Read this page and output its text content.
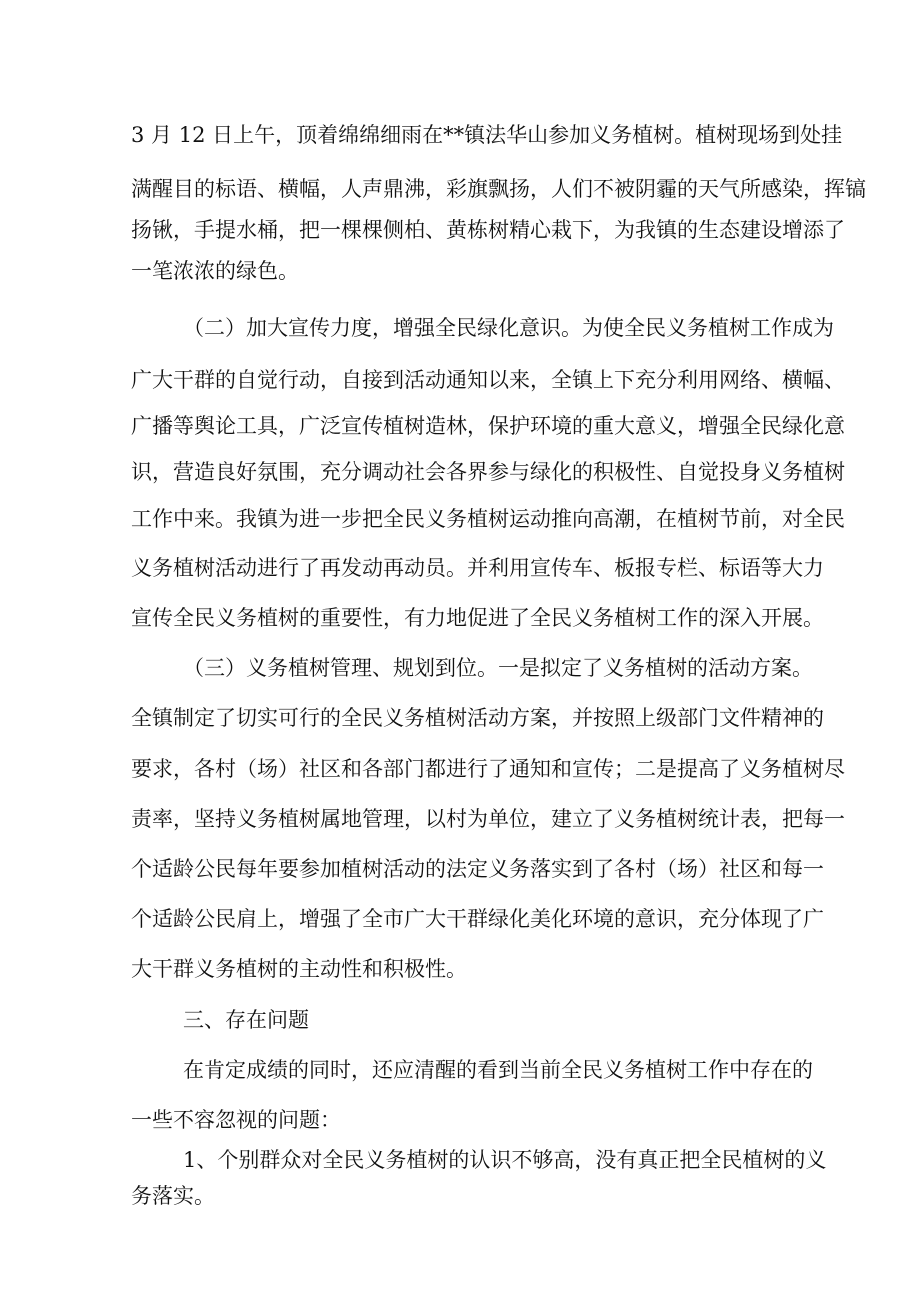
3 月 12 日上午，顶着绵绵细雨在**镇法华山参加义务植树。植树现场到处挂
满醒目的标语、横幅，人声鼎沸，彩旗飘扬，人们不被阴霾的天气所感染，挥镐
扬锹，手提水桶，把一棵棵侧柏、黄栋树精心栽下，为我镇的生态建设增添了
一笔浓浓的绿色。
（二）加大宣传力度，增强全民绿化意识。为使全民义务植树工作成为
广大干群的自觉行动，自接到活动通知以来，全镇上下充分利用网络、横幅、
广播等舆论工具，广泛宣传植树造林，保护环境的重大意义，增强全民绿化意
识，营造良好氛围，充分调动社会各界参与绿化的积极性、自觉投身义务植树
工作中来。我镇为进一步把全民义务植树运动推向高潮，在植树节前，对全民
义务植树活动进行了再发动再动员。并利用宣传车、板报专栏、标语等大力
宣传全民义务植树的重要性，有力地促进了全民义务植树工作的深入开展。
（三）义务植树管理、规划到位。一是拟定了义务植树的活动方案。
全镇制定了切实可行的全民义务植树活动方案，并按照上级部门文件精神的
要求，各村（场）社区和各部门都进行了通知和宣传；二是提高了义务植树尽
责率，坚持义务植树属地管理，以村为单位，建立了义务植树统计表，把每一
个适龄公民每年要参加植树活动的法定义务落实到了各村（场）社区和每一
个适龄公民肩上，增强了全市广大干群绿化美化环境的意识，充分体现了广
大干群义务植树的主动性和积极性。
三、存在问题
在肯定成绩的同时，还应清醒的看到当前全民义务植树工作中存在的
一些不容忽视的问题：
1、个别群众对全民义务植树的认识不够高，没有真正把全民植树的义
务落实。
